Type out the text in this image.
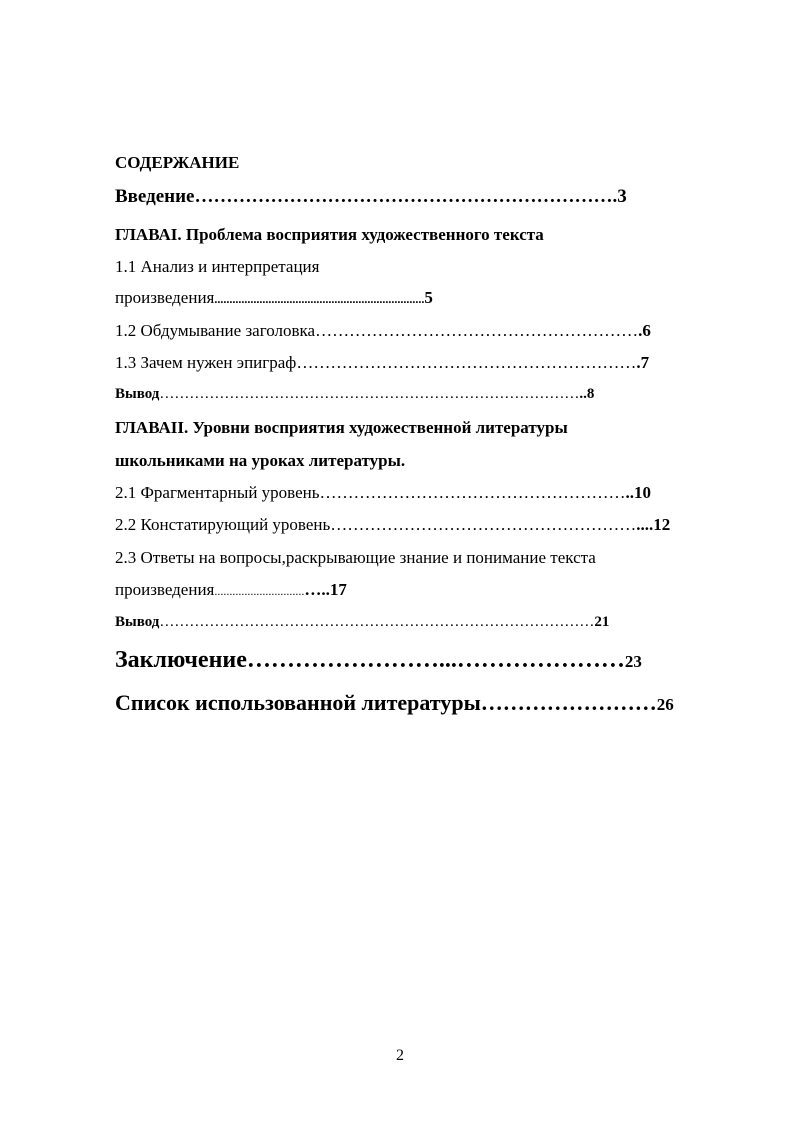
СОДЕРЖАНИЕ
Введение………………………………………………………….3
ГЛАВАI. Проблема восприятия художественного текста
1.1 Анализ и интерпретация
произведения......................................................................5
1.2 Обдумывание заголовка………………………………………………….6
1.3 Зачем нужен эпиграф…………………………………………………….7
Вывод…………………………………………………………………………..8
ГЛАВАII. Уровни восприятия художественной литературы
школьниками на уроках литературы.
2.1 Фрагментарный уровень………………………………………………..10
2.2 Констатирующий уровень………………………………………………....12
2.3 Ответы на вопросы,раскрывающие знание и понимание текста
произведения..............................…..17
Вывод……………………………………………………………………………21
Заключение……………………...…………………23
Список использованной литературы……………………26
2
